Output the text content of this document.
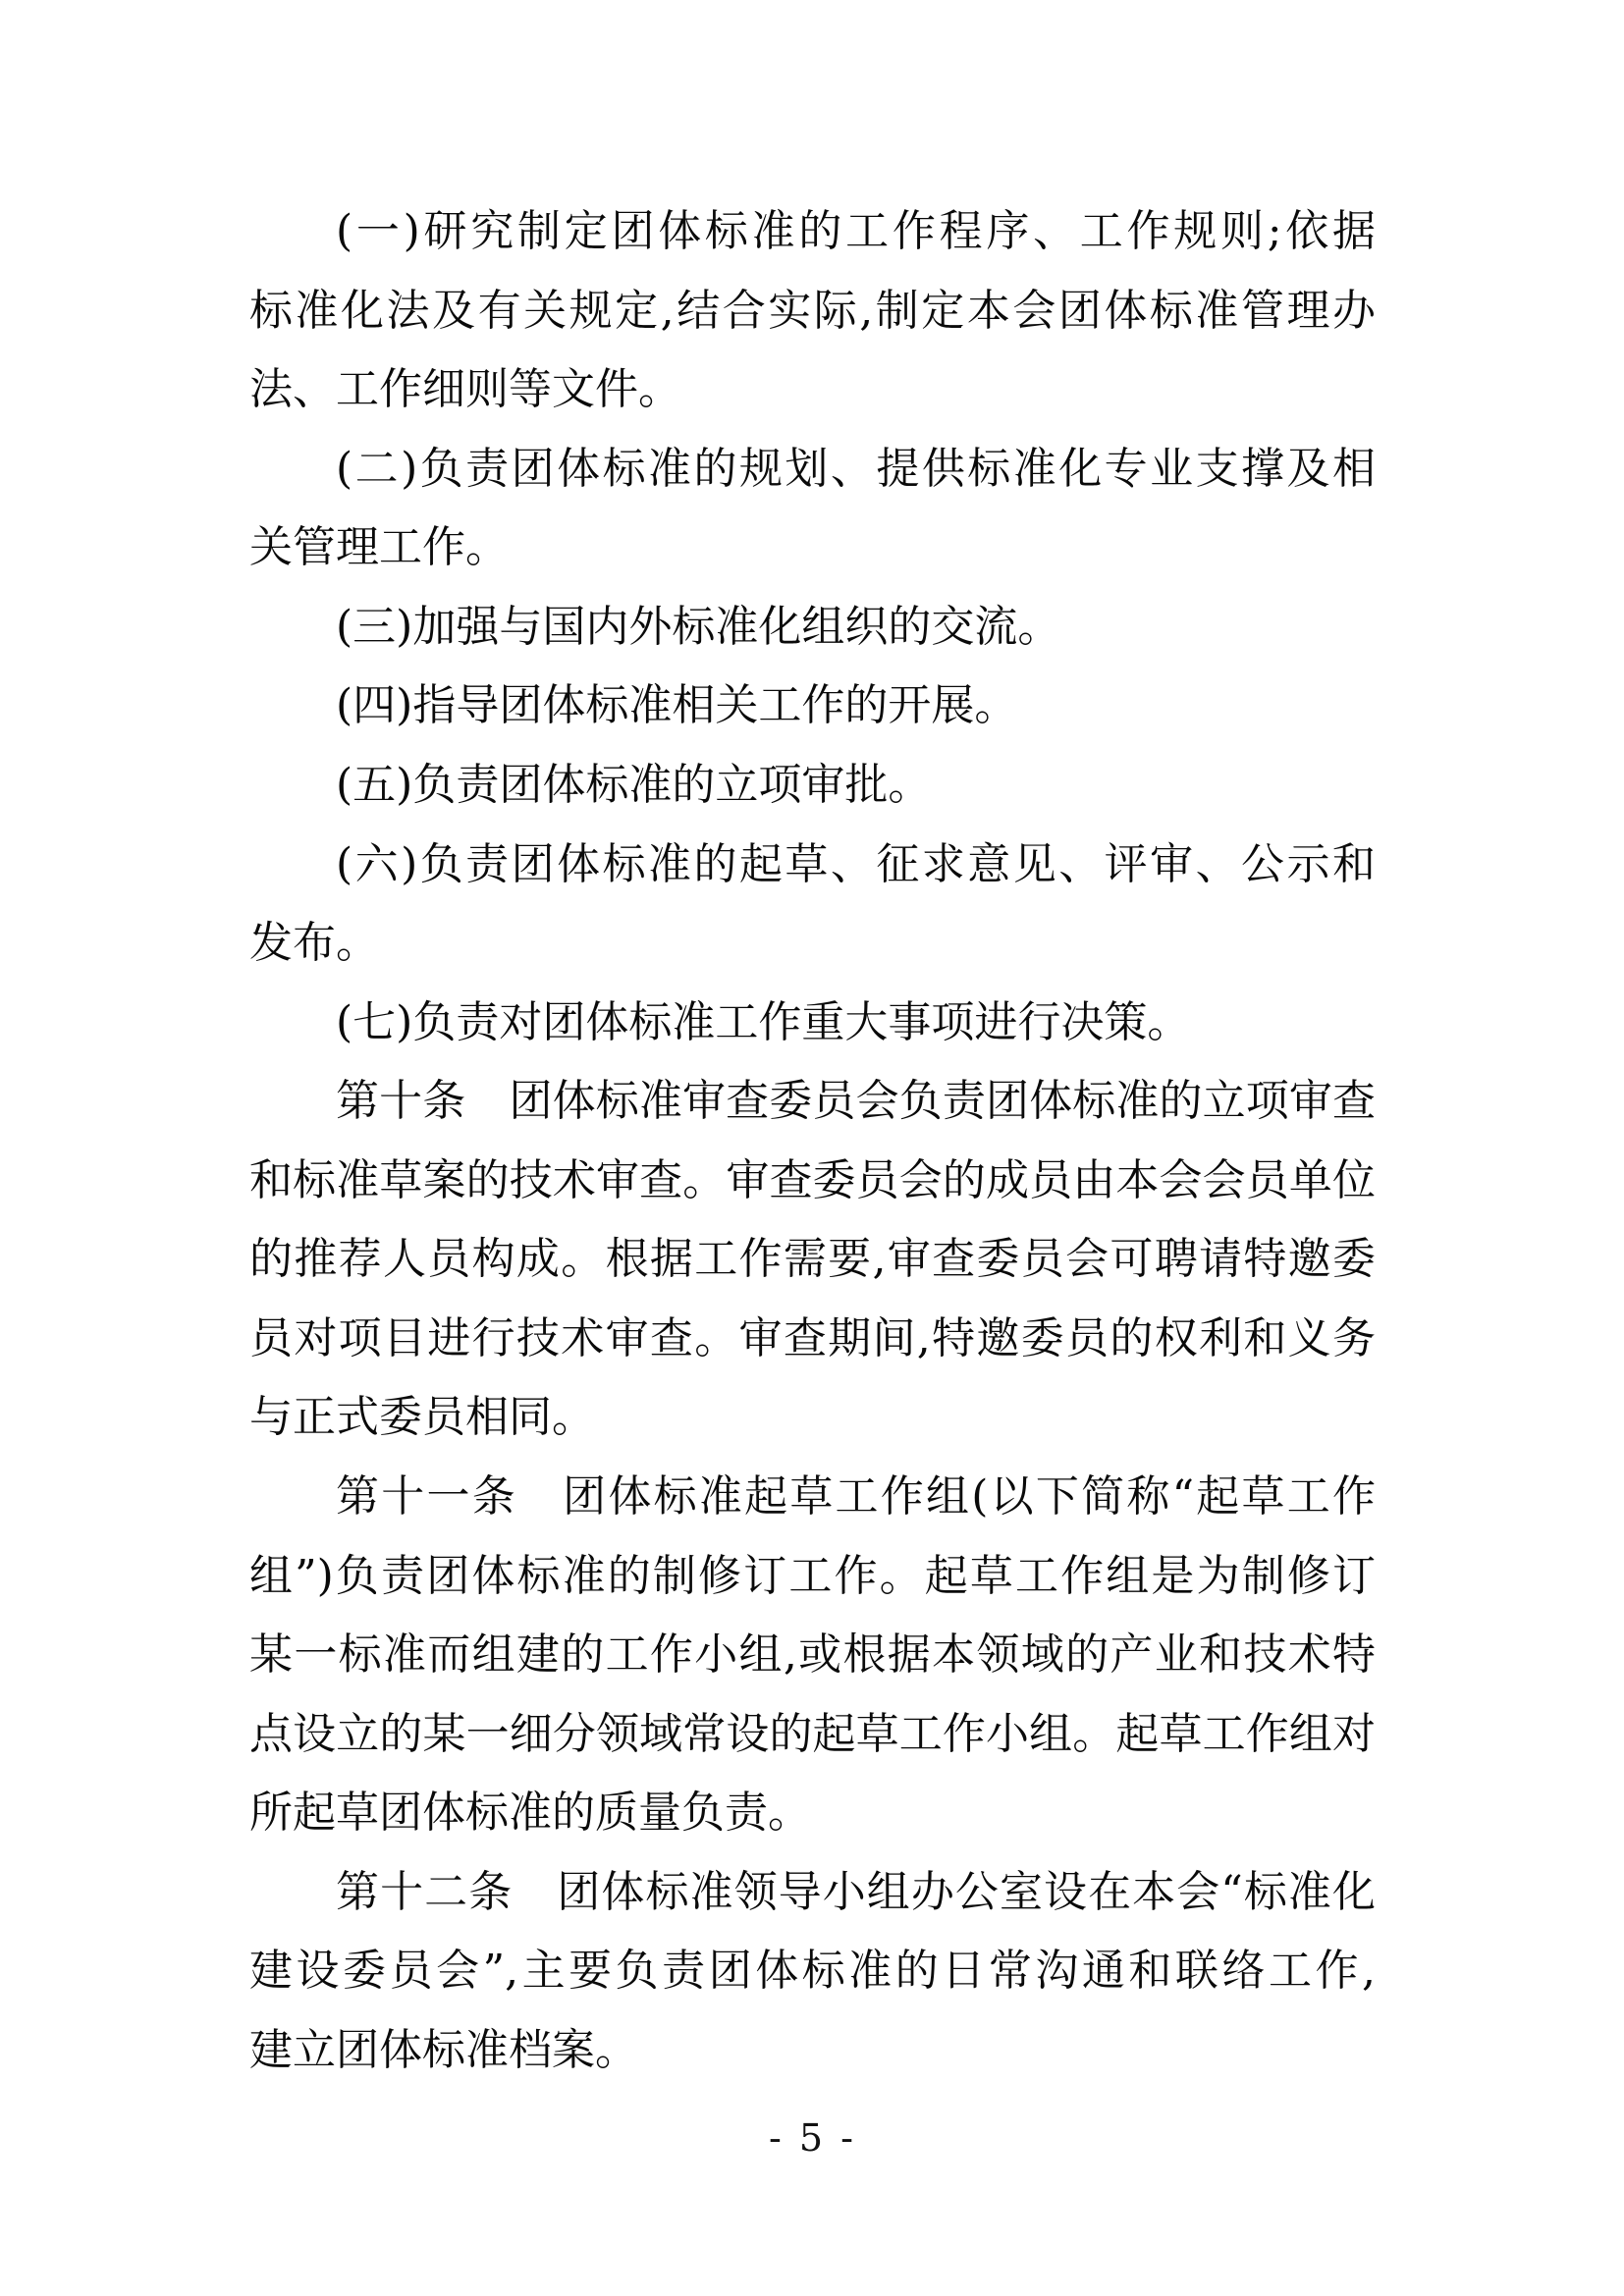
(一)研究制定团体标准的工作程序、工作规则;依据
标准化法及有关规定,结合实际,制定本会团体标准管理办
法、工作细则等文件。
(二)负责团体标准的规划、提供标准化专业支撑及相
关管理工作。
(三)加强与国内外标准化组织的交流。
(四)指导团体标准相关工作的开展。
(五)负责团体标准的立项审批。
(六)负责团体标准的起草、征求意见、评审、公示和
发布。
(七)负责对团体标准工作重大事项进行决策。
第十条　团体标准审查委员会负责团体标准的立项审查
和标准草案的技术审查。审查委员会的成员由本会会员单位
的推荐人员构成。根据工作需要,审查委员会可聘请特邀委
员对项目进行技术审查。审查期间,特邀委员的权利和义务
与正式委员相同。
第十一条　团体标准起草工作组(以下简称“起草工作
组”)负责团体标准的制修订工作。起草工作组是为制修订
某一标准而组建的工作小组,或根据本领域的产业和技术特
点设立的某一细分领域常设的起草工作小组。起草工作组对
所起草团体标准的质量负责。
第十二条　团体标准领导小组办公室设在本会“标准化
建设委员会”,主要负责团体标准的日常沟通和联络工作,
建立团体标准档案。
- 5 -
